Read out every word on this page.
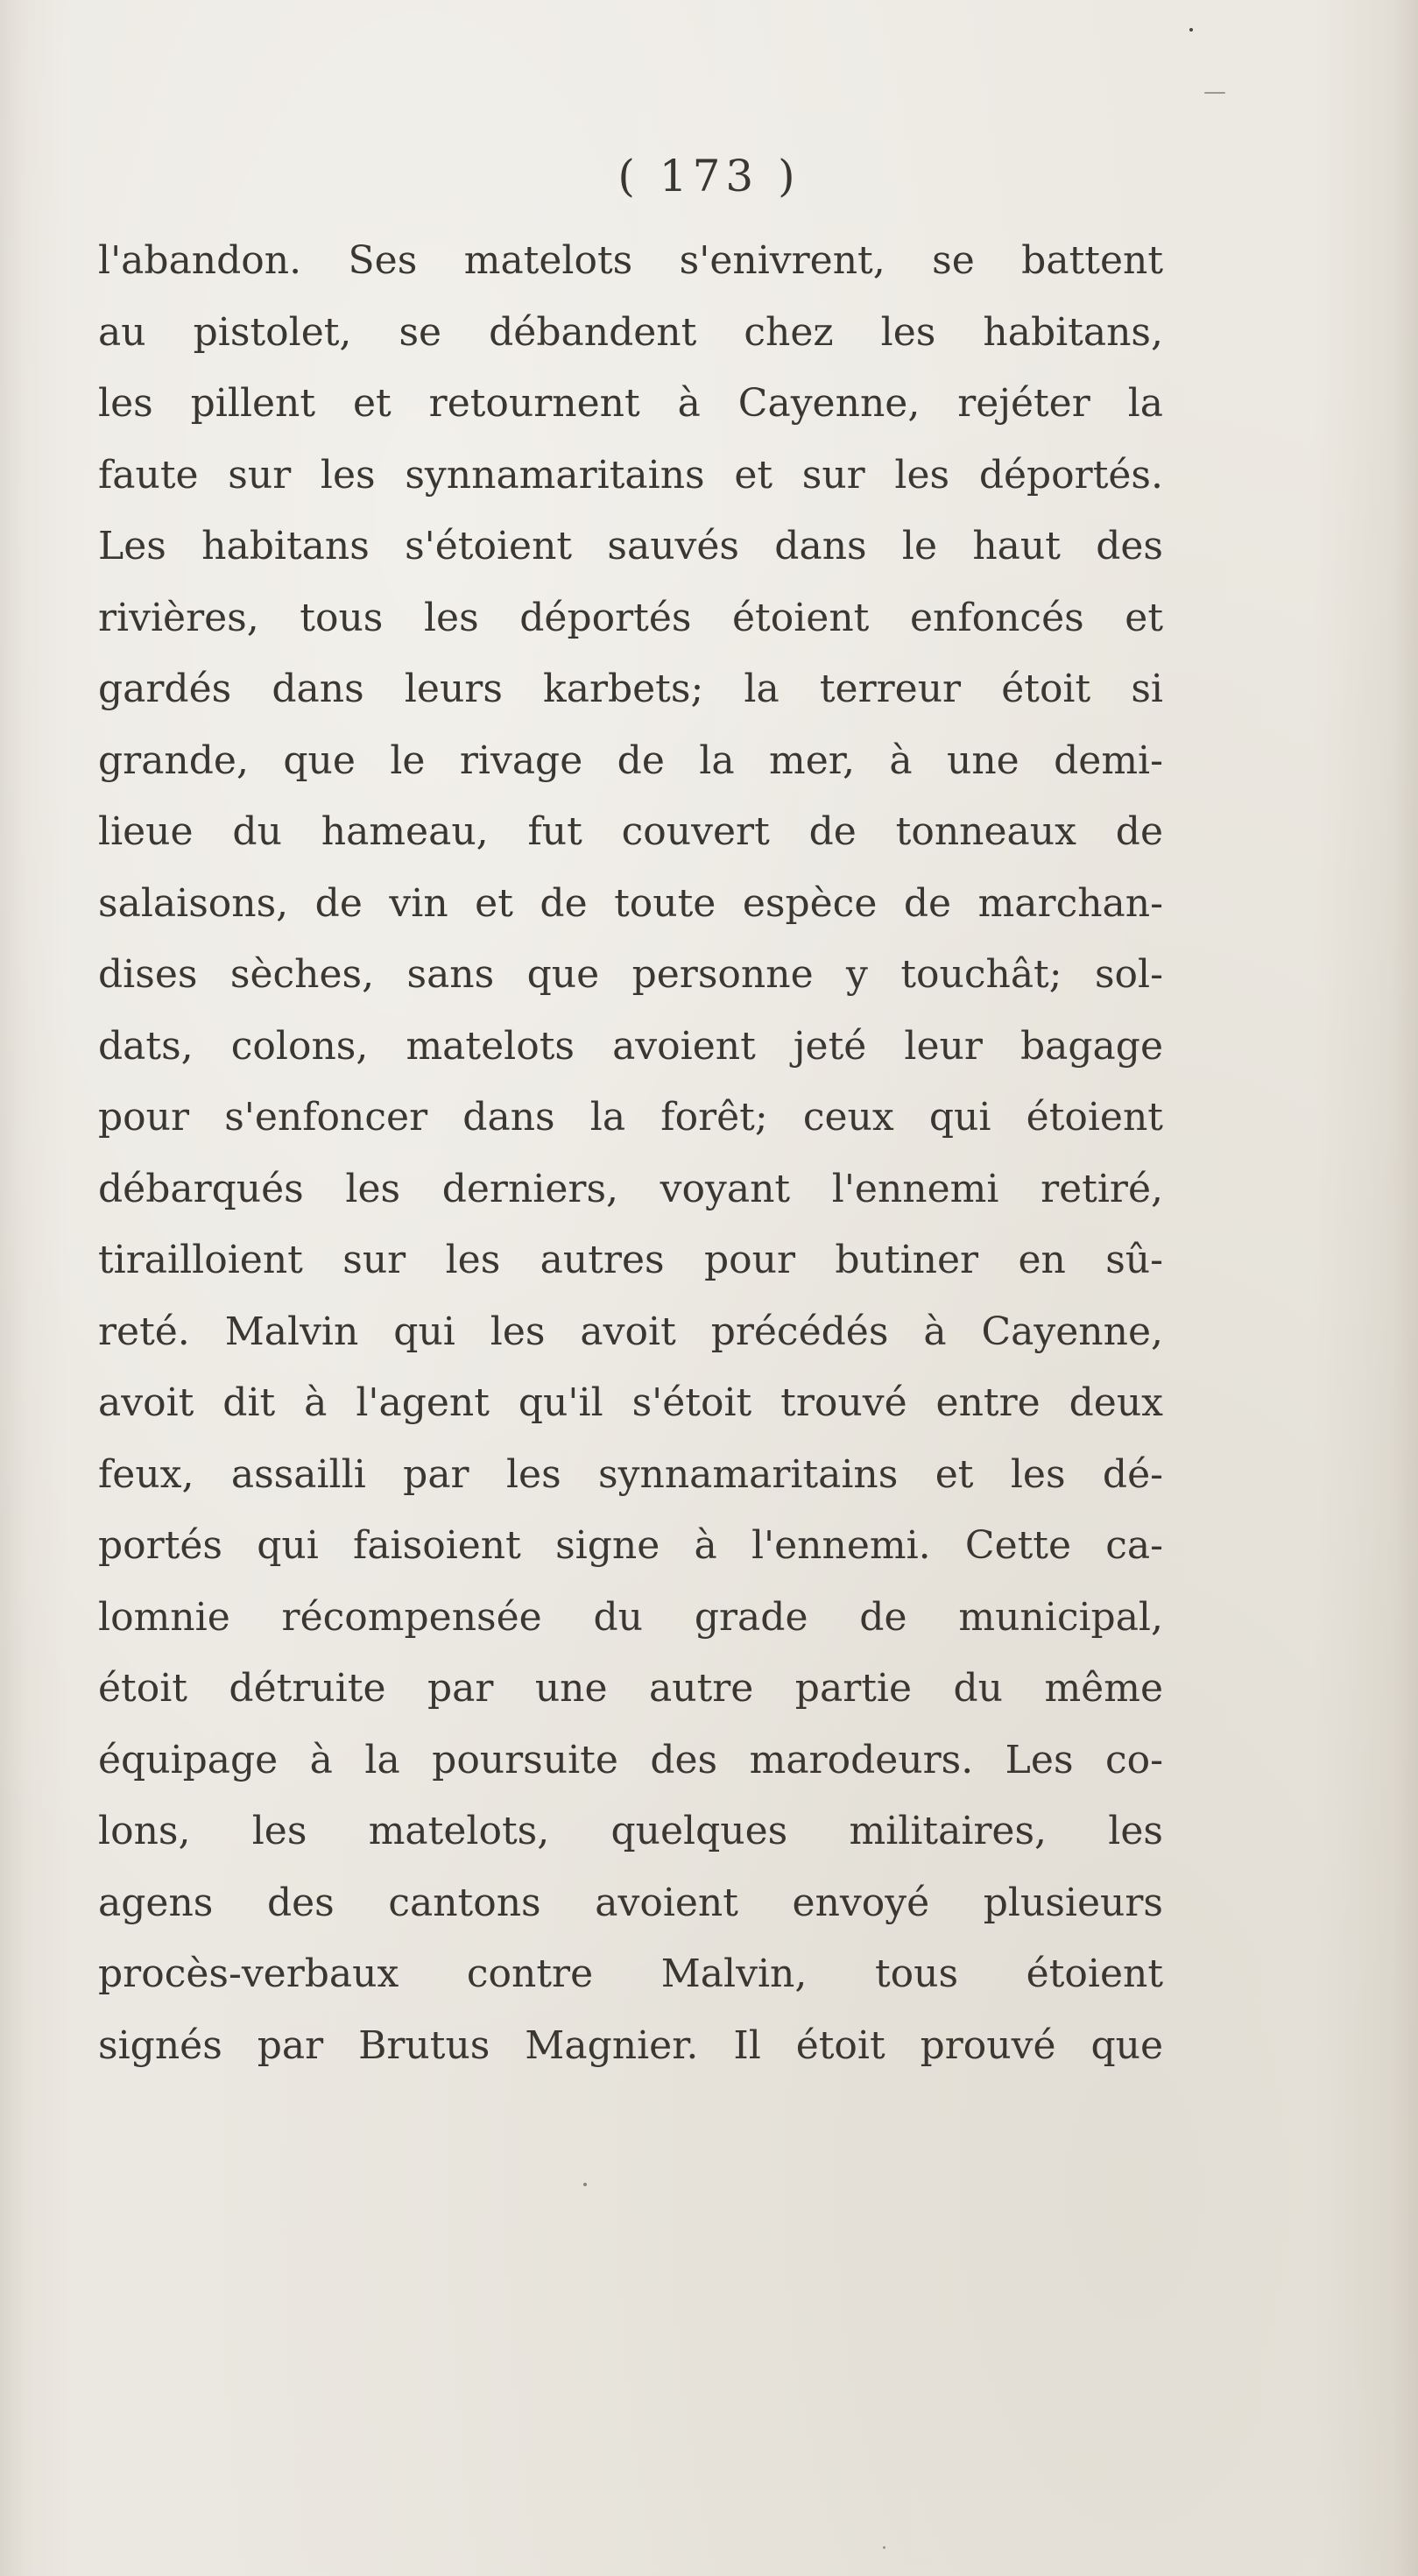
( 173 )
l'abandon. Ses matelots s'enivrent, se battent
au pistolet, se débandent chez les habitans,
les pillent et retournent à Cayenne, rejéter la
faute sur les synnamaritains et sur les déportés.
Les habitans s'étoient sauvés dans le haut des
rivières, tous les déportés étoient enfoncés et
gardés dans leurs karbets; la terreur étoit si
grande, que le rivage de la mer, à une demi-
lieue du hameau, fut couvert de tonneaux de
salaisons, de vin et de toute espèce de marchan-
dises sèches, sans que personne y touchât; sol-
dats, colons, matelots avoient jeté leur bagage
pour s'enfoncer dans la forêt; ceux qui étoient
débarqués les derniers, voyant l'ennemi retiré,
tirailloient sur les autres pour butiner en sû-
reté. Malvin qui les avoit précédés à Cayenne,
avoit dit à l'agent qu'il s'étoit trouvé entre deux
feux, assailli par les synnamaritains et les dé-
portés qui faisoient signe à l'ennemi. Cette ca-
lomnie récompensée du grade de municipal,
étoit détruite par une autre partie du même
équipage à la poursuite des marodeurs. Les co-
lons, les matelots, quelques militaires, les
agens des cantons avoient envoyé plusieurs
procès-verbaux contre Malvin, tous étoient
signés par Brutus Magnier. Il étoit prouvé que
